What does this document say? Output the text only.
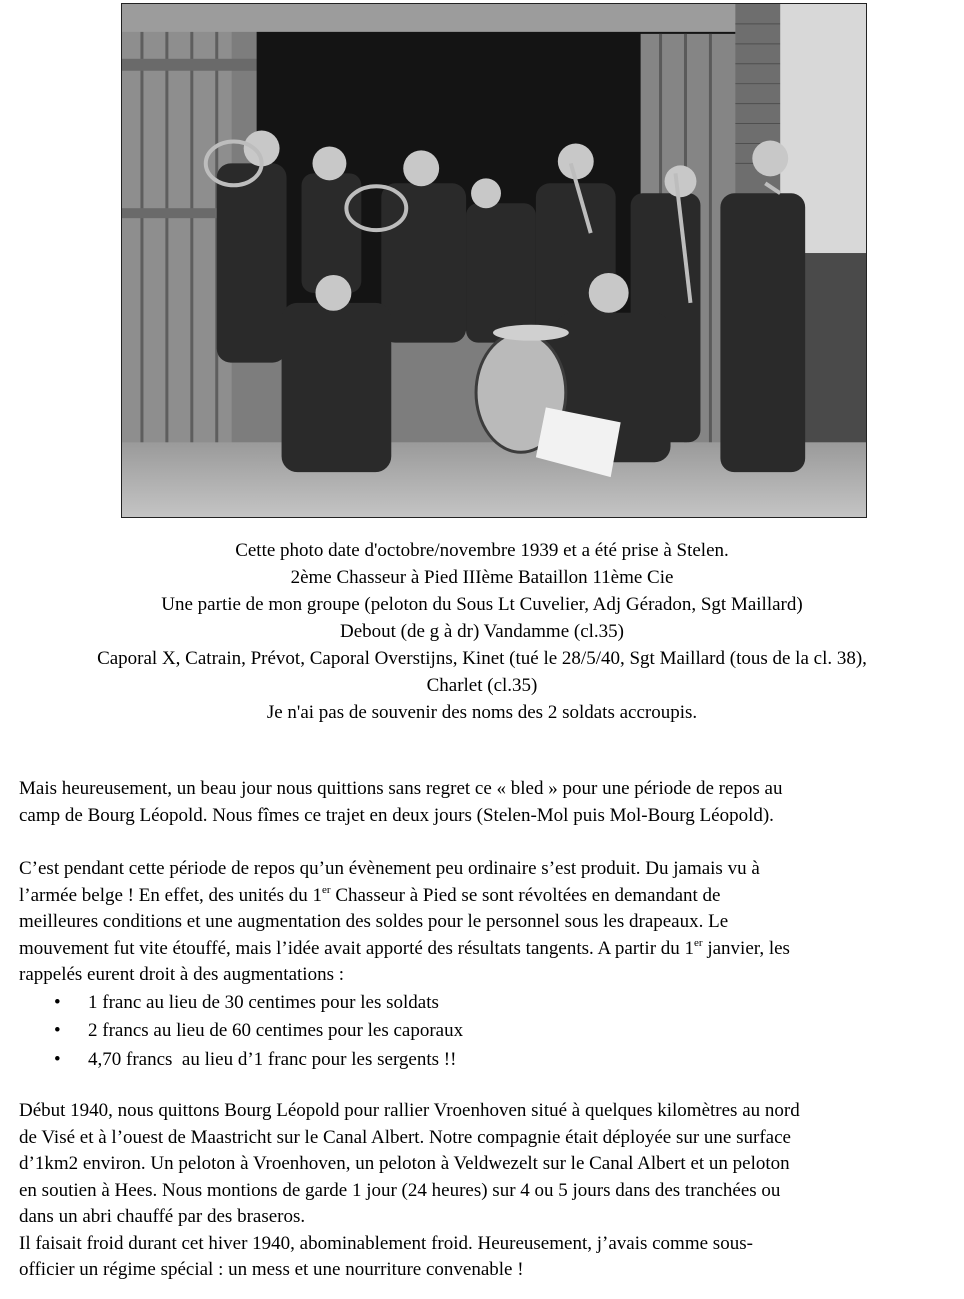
Cette photo date d'octobre/novembre 1939 et a été prise à Stelen.
2ème Chasseur à Pied IIIème Bataillon 11ème Cie
Une partie de mon groupe (peloton du Sous Lt Cuvelier, Adj Géradon, Sgt Maillard)
Debout (de g à dr) Vandamme (cl.35)
Caporal X, Catrain, Prévot, Caporal Overstijns, Kinet (tué le 28/5/40, Sgt Maillard (tous de la cl. 38),
Charlet (cl.35)
Je n'ai pas de souvenir des noms des 2 soldats accroupis.
Mais heureusement, un beau jour nous quittions sans regret ce « bled » pour une période de repos au
camp de Bourg Léopold. Nous fîmes ce trajet en deux jours (Stelen-Mol puis Mol-Bourg Léopold).
C’est pendant cette période de repos qu’un évènement peu ordinaire s’est produit. Du jamais vu à
l’armée belge ! En effet, des unités du 1er Chasseur à Pied se sont révoltées en demandant de
meilleures conditions et une augmentation des soldes pour le personnel sous les drapeaux. Le
mouvement fut vite étouffé, mais l’idée avait apporté des résultats tangents. A partir du 1er janvier, les
rappelés eurent droit à des augmentations :
• 1 franc au lieu de 30 centimes pour les soldats
• 2 francs au lieu de 60 centimes pour les caporaux
• 4,70 francs  au lieu d’1 franc pour les sergents !!
Début 1940, nous quittons Bourg Léopold pour rallier Vroenhoven situé à quelques kilomètres au nord
de Visé et à l’ouest de Maastricht sur le Canal Albert. Notre compagnie était déployée sur une surface
d’1km2 environ. Un peloton à Vroenhoven, un peloton à Veldwezelt sur le Canal Albert et un peloton
en soutien à Hees. Nous montions de garde 1 jour (24 heures) sur 4 ou 5 jours dans des tranchées ou
dans un abri chauffé par des braseros.
Il faisait froid durant cet hiver 1940, abominablement froid. Heureusement, j’avais comme sous-
officier un régime spécial : un mess et une nourriture convenable !
